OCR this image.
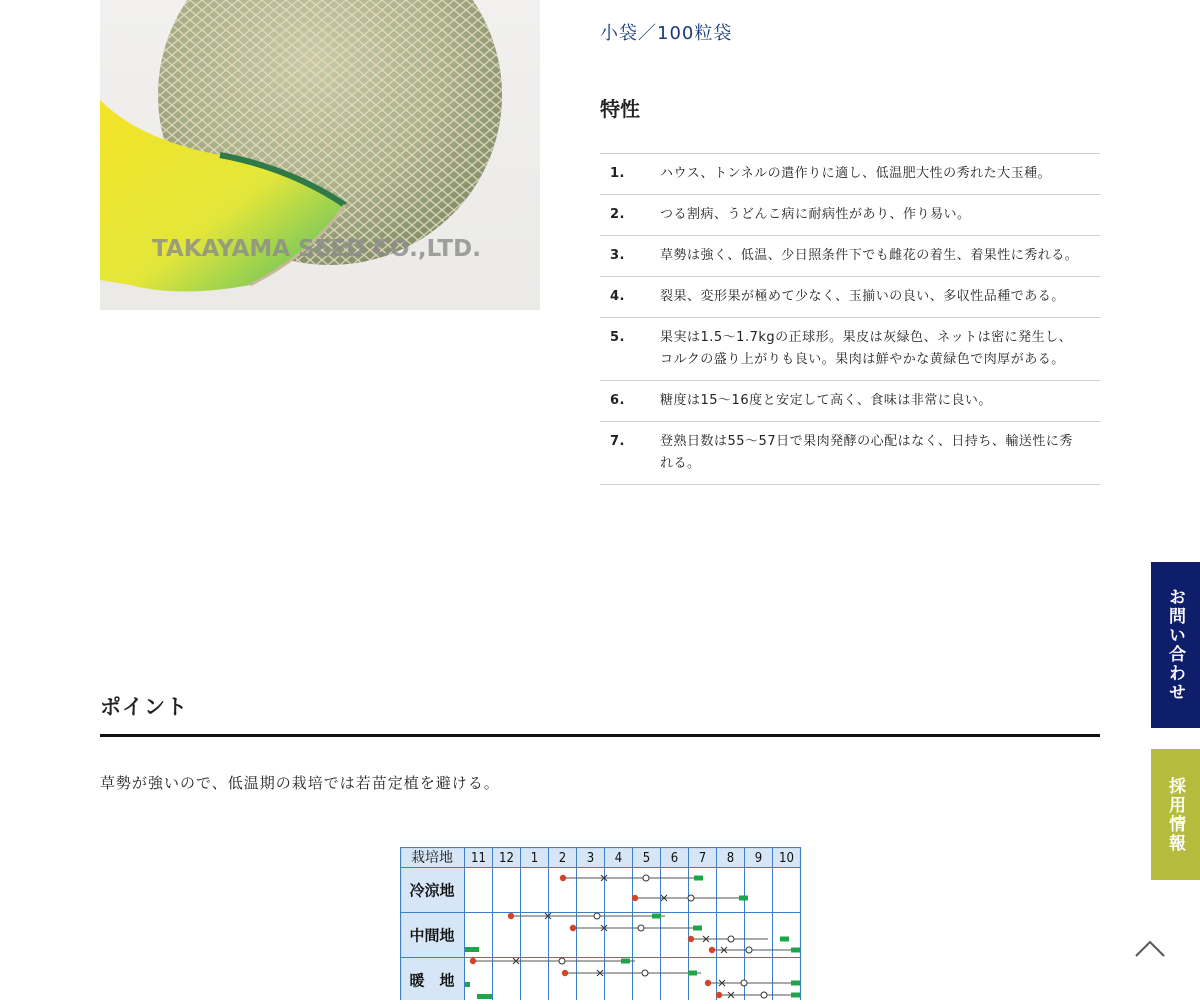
TAKAYAMA SEED CO.,LTD.
小袋／100粒袋
特性
1.	ハウス、トンネルの遣作りに適し、低温肥大性の秀れた大玉種。
2.	つる割病、うどんこ病に耐病性があり、作り易い。
3.	草勢は強く、低温、少日照条件下でも雌花の着生、着果性に秀れる。
4.	裂果、変形果が極めて少なく、玉揃いの良い、多収性品種である。
5.	果実は1.5～1.7kgの正球形。果皮は灰緑色、ネットは密に発生し、コルクの盛り上がりも良い。果肉は鮮やかな黄緑色で肉厚がある。
6.	糖度は15～16度と安定して高く、食味は非常に良い。
7.	登熟日数は55～57日で果肉発酵の心配はなく、日持ち、輸送性に秀れる。
ポイント
草勢が強いので、低温期の栽培では若苗定植を避ける。
栽培地 11 12 1 2 3 4 5 6 7 8 9 10
冷涼地
中間地
暖　地
お問い合わせ
採用情報
